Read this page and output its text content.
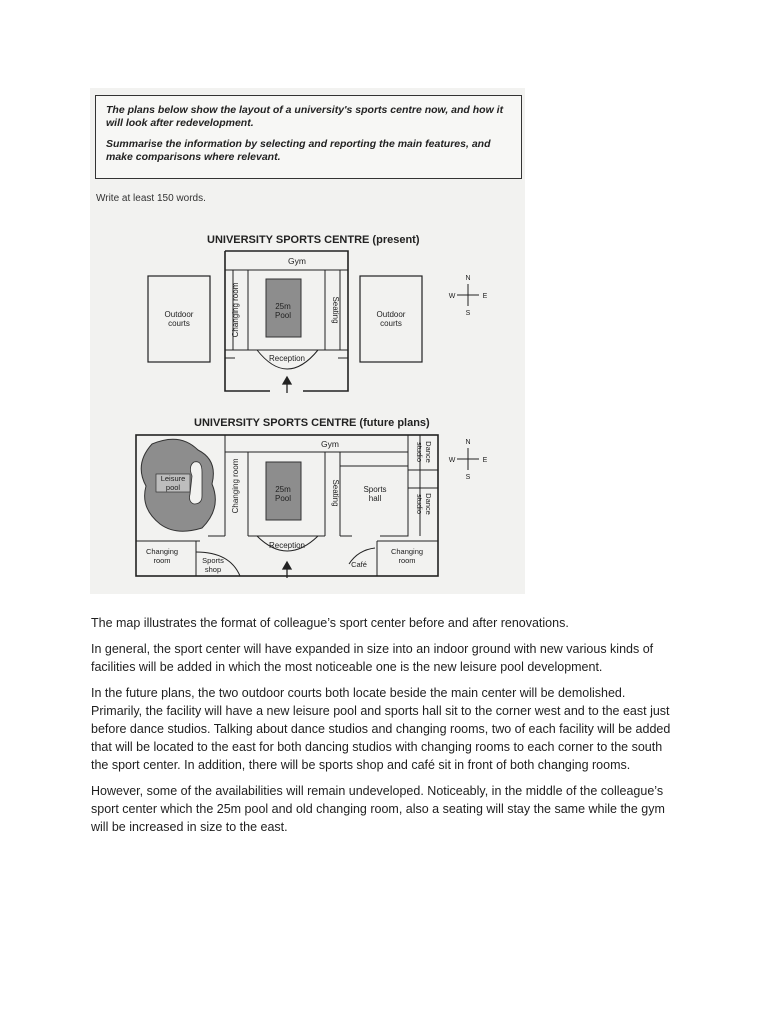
The plans below show the layout of a university's sports centre now, and how it will look after redevelopment.

Summarise the information by selecting and reporting the main features, and make comparisons where relevant.

Write at least 150 words.
UNIVERSITY SPORTS CENTRE (present)
Gym
25m
Pool
Changing room	Seating
Reception
Outdoor
courts
Outdoor
courts
N
S
W	E
UNIVERSITY SPORTS CENTRE (future plans)
Leisure
pool	25m
Pool
Gym
Changing room	Seating	Sports
hall
Dance
studio
Dance
studio
Reception
Changing
room	Sports
shop
Café
Changing
room
N
S
W	E

The map illustrates the format of colleague’s sport center before and after renovations.

In general, the sport center will have expanded in size into an indoor ground with new various kinds of facilities will be added in which the most noticeable one is the new leisure pool development.

In the future plans, the two outdoor courts both locate beside the main center will be demolished. Primarily, the facility will have a new leisure pool and sports hall sit to the corner west and to the east just before dance studios. Talking about dance studios and changing rooms, two of each facility will be added that will be located to the east for both dancing studios with changing rooms to each corner to the south the sport center. In addition, there will be sports shop and café sit in front of both changing rooms.

However, some of the availabilities will remain undeveloped. Noticeably, in the middle of the colleague’s sport center which the 25m pool and old changing room, also a seating will stay the same while the gym will be increased in size to the east.
